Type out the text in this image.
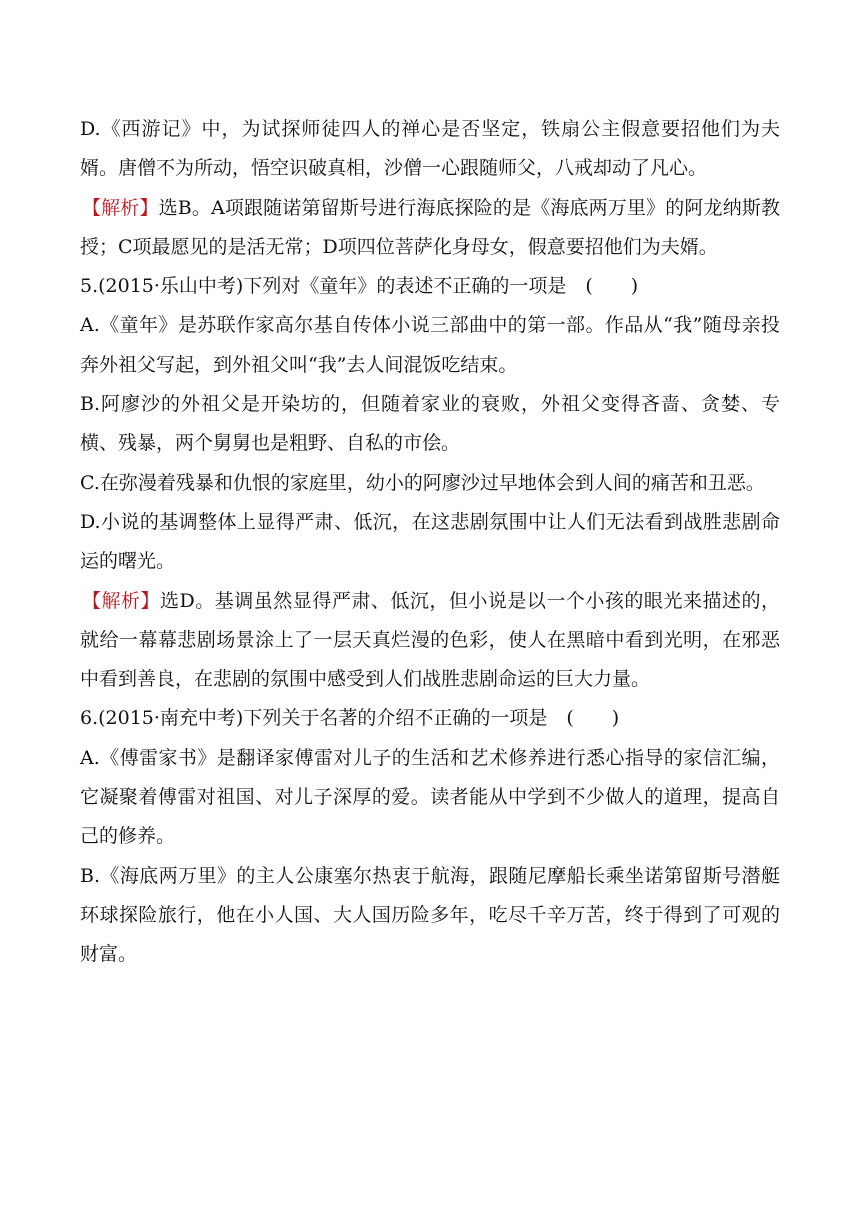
D.《西游记》中，为试探师徒四人的禅心是否坚定，铁扇公主假意要招他们为夫婿。唐僧不为所动，悟空识破真相，沙僧一心跟随师父，八戒却动了凡心。

【解析】选B。A项跟随诺第留斯号进行海底探险的是《海底两万里》的阿龙纳斯教授；C项最愿见的是活无常；D项四位菩萨化身母女，假意要招他们为夫婿。

5.(2015·乐山中考)下列对《童年》的表述不正确的一项是　(　　)

A.《童年》是苏联作家高尔基自传体小说三部曲中的第一部。作品从“我”随母亲投奔外祖父写起，到外祖父叫“我”去人间混饭吃结束。

B.阿廖沙的外祖父是开染坊的，但随着家业的衰败，外祖父变得吝啬、贪婪、专横、残暴，两个舅舅也是粗野、自私的市侩。

C.在弥漫着残暴和仇恨的家庭里，幼小的阿廖沙过早地体会到人间的痛苦和丑恶。

D.小说的基调整体上显得严肃、低沉，在这悲剧氛围中让人们无法看到战胜悲剧命运的曙光。

【解析】选D。基调虽然显得严肃、低沉，但小说是以一个小孩的眼光来描述的，就给一幕幕悲剧场景涂上了一层天真烂漫的色彩，使人在黑暗中看到光明，在邪恶中看到善良，在悲剧的氛围中感受到人们战胜悲剧命运的巨大力量。

6.(2015·南充中考)下列关于名著的介绍不正确的一项是　(　　)

A.《傅雷家书》是翻译家傅雷对儿子的生活和艺术修养进行悉心指导的家信汇编，它凝聚着傅雷对祖国、对儿子深厚的爱。读者能从中学到不少做人的道理，提高自己的修养。

B.《海底两万里》的主人公康塞尔热衷于航海，跟随尼摩船长乘坐诺第留斯号潜艇环球探险旅行，他在小人国、大人国历险多年，吃尽千辛万苦，终于得到了可观的财富。
